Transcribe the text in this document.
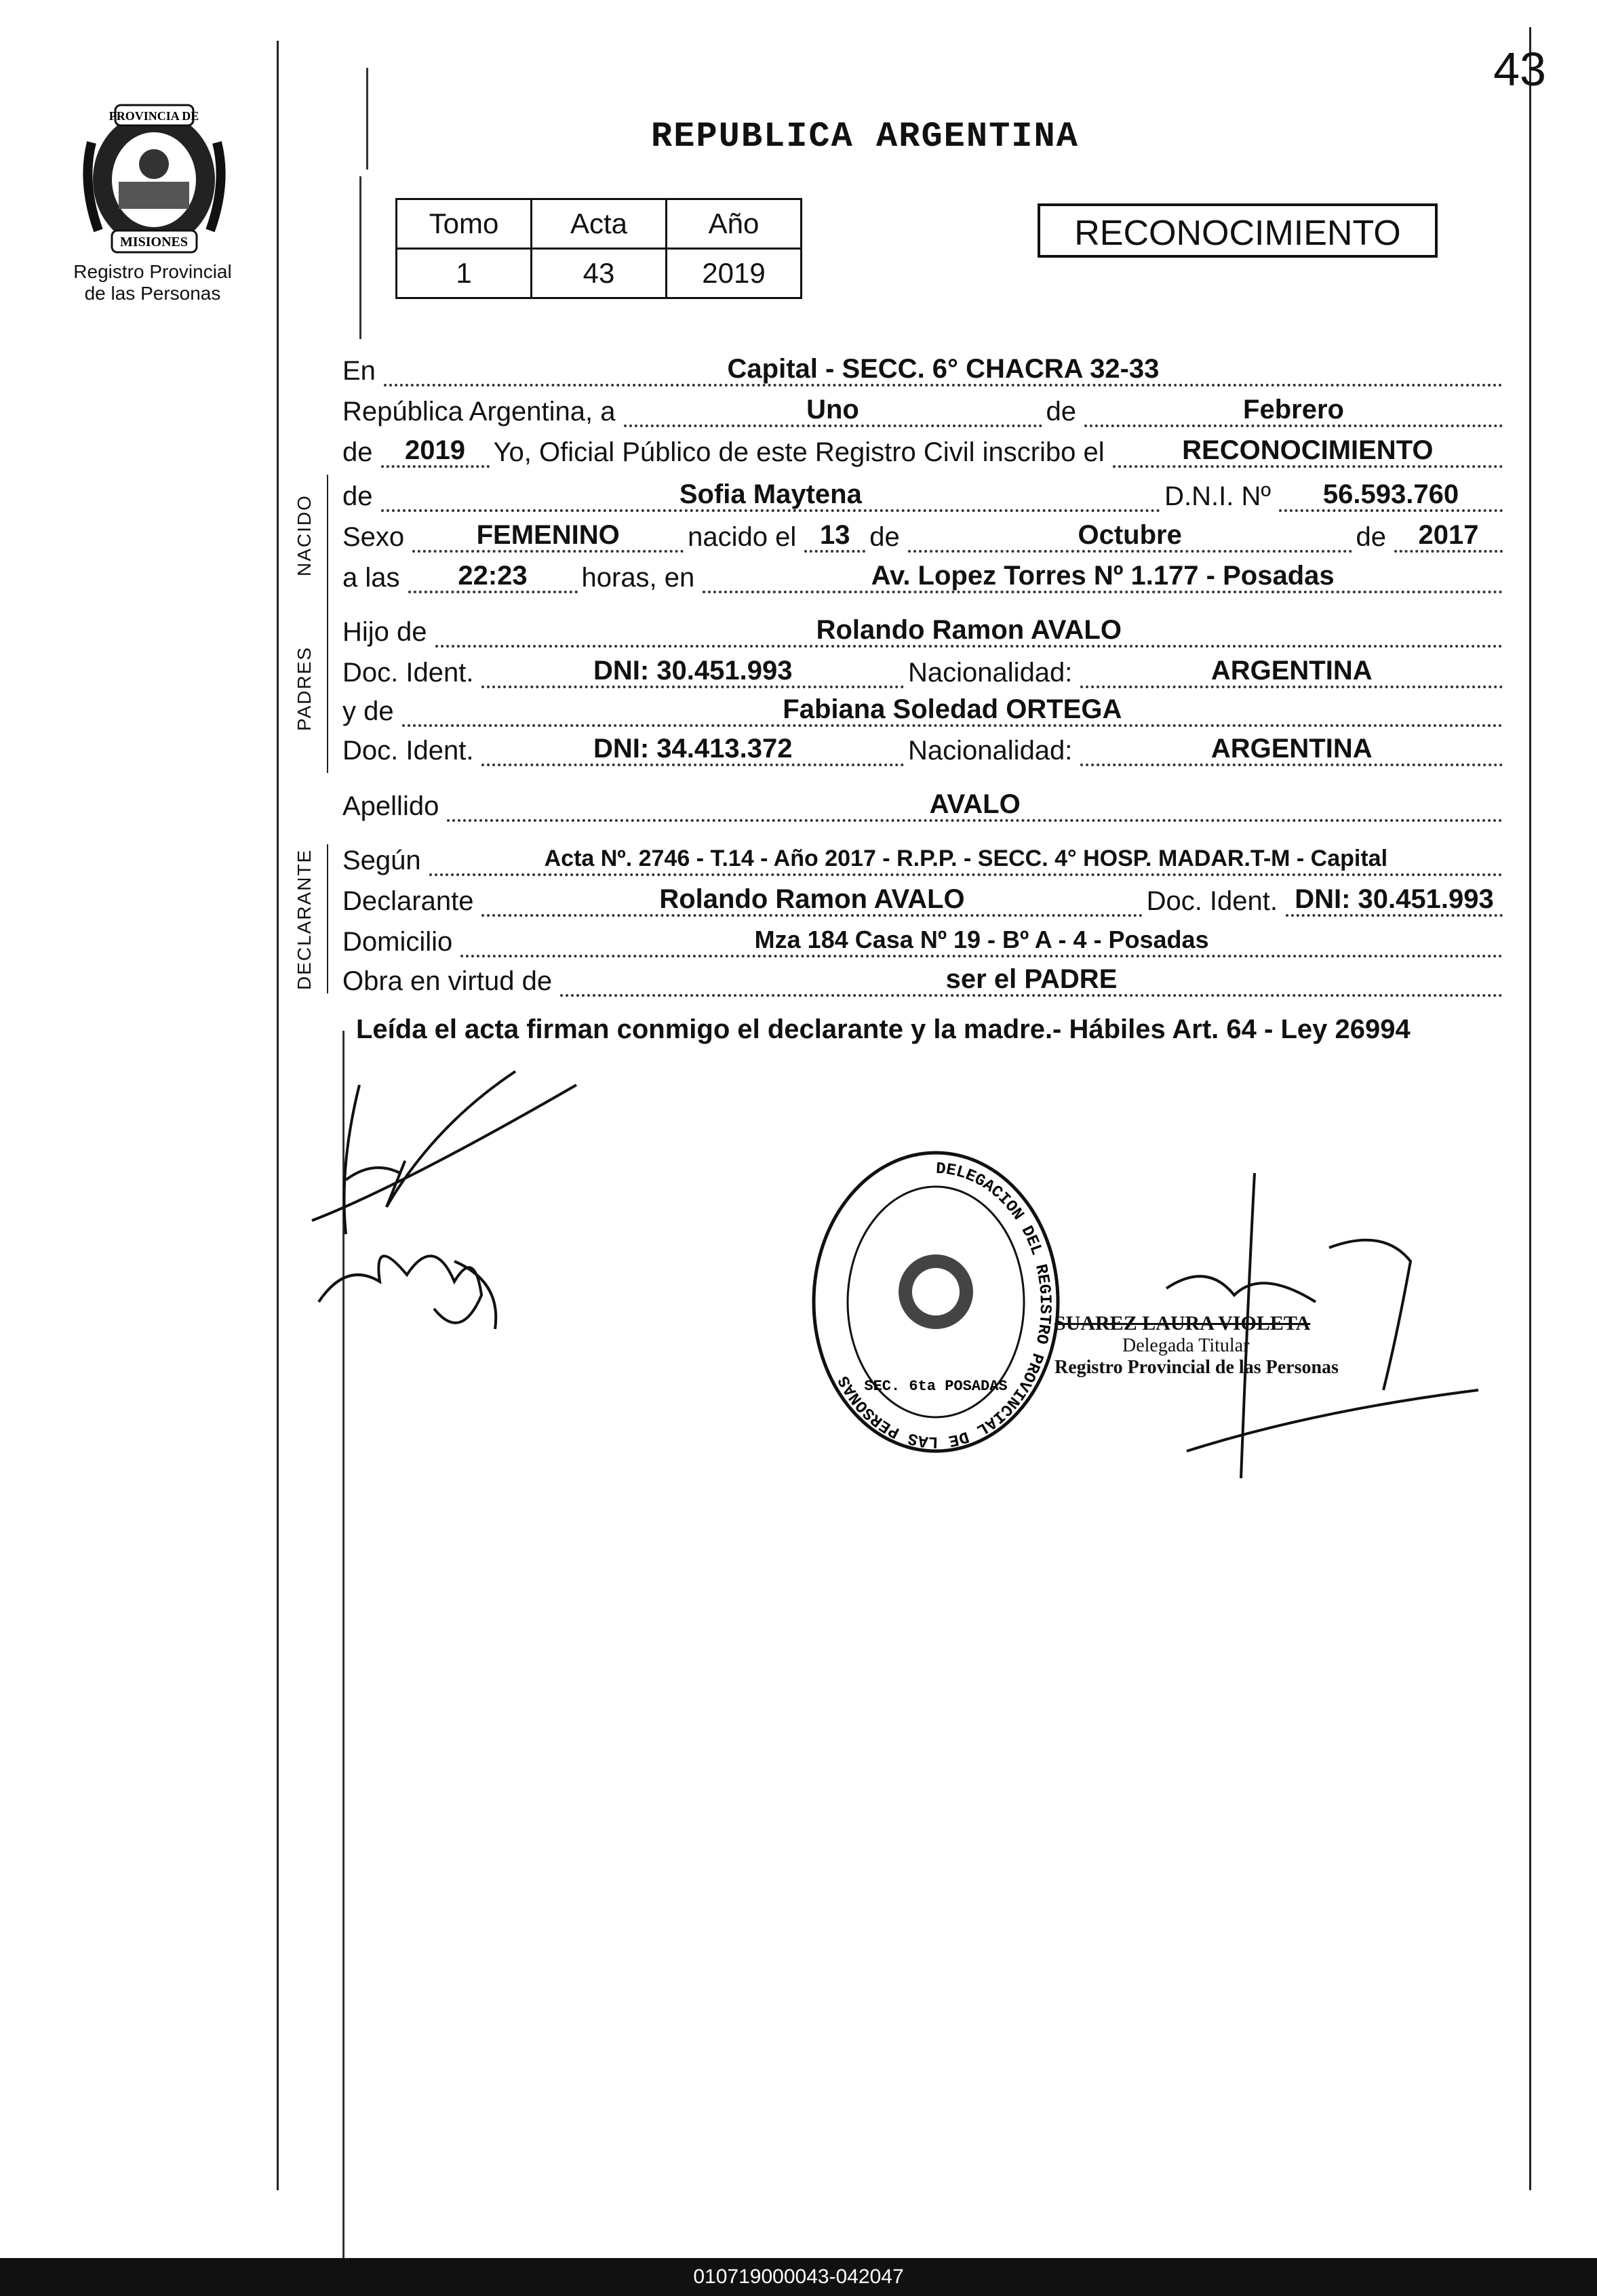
43
PROVINCIA DE
MISIONES
Registro Provincial
de las Personas
REPUBLICA ARGENTINA
Tomo	Acta	Año
1	43	2019
RECONOCIMIENTO
NACIDO
PADRES
DECLARANTE
En	Capital - SECC. 6° CHACRA 32-33
República Argentina, a	Uno	de	Febrero
de	2019	Yo, Oficial Público de este Registro Civil inscribo el	RECONOCIMIENTO
de	Sofia Maytena	D.N.I. Nº	56.593.760
Sexo	FEMENINO	nacido el 13 de	Octubre	de	2017
a las	22:23	horas, en	Av. Lopez Torres Nº 1.177 - Posadas
Hijo de	Rolando Ramon AVALO
Doc. Ident.	DNI: 30.451.993	Nacionalidad:	ARGENTINA
y de	Fabiana Soledad ORTEGA
Doc. Ident.	DNI: 34.413.372	Nacionalidad:	ARGENTINA
Apellido	AVALO
Según	Acta Nº. 2746 - T.14 - Año 2017 - R.P.P. - SECC. 4° HOSP. MADAR.T-M - Capital
Declarante	Rolando Ramon AVALO	Doc. Ident. DNI: 30.451.993
Domicilio	Mza 184 Casa Nº 19 - Bº A - 4 - Posadas
Obra en virtud de	ser el PADRE
Leída el acta firman conmigo el declarante y la madre.- Hábiles Art. 64 - Ley 26994
DELEGACION DEL REGISTRO PROVINCIAL DE LAS PERSONAS SEC. 6ta POSADAS
SUAREZ LAURA VIOLETA
Delegada Titular
Registro Provincial de las Personas
010719000043-042047
